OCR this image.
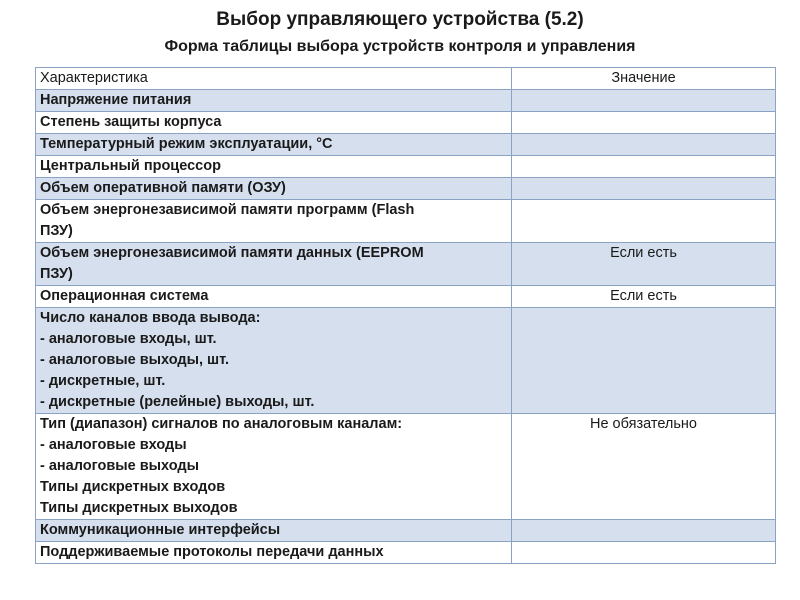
Выбор управляющего устройства (5.2)
Форма таблицы выбора устройств контроля и управления
Характеристика	Значение

Напряжение питания	

Степень защиты корпуса	

Температурный режим эксплуатации, °C	

Центральный процессор	

Объем оперативной памяти (ОЗУ)	

Объем энергонезависимой памяти программ (Flash
ПЗУ)	

Объем энергонезависимой памяти данных (EEPROM
ПЗУ)	Если есть

Операционная система	Если есть

Число каналов ввода вывода:
- аналоговые входы, шт.
- аналоговые выходы, шт.
- дискретные, шт.
- дискретные (релейные) выходы, шт.	

Тип (диапазон) сигналов по аналоговым каналам:
- аналоговые входы
- аналоговые выходы
Типы дискретных входов
Типы дискретных выходов	Не обязательно

Коммуникационные интерфейсы	

Поддерживаемые протоколы передачи данных	
